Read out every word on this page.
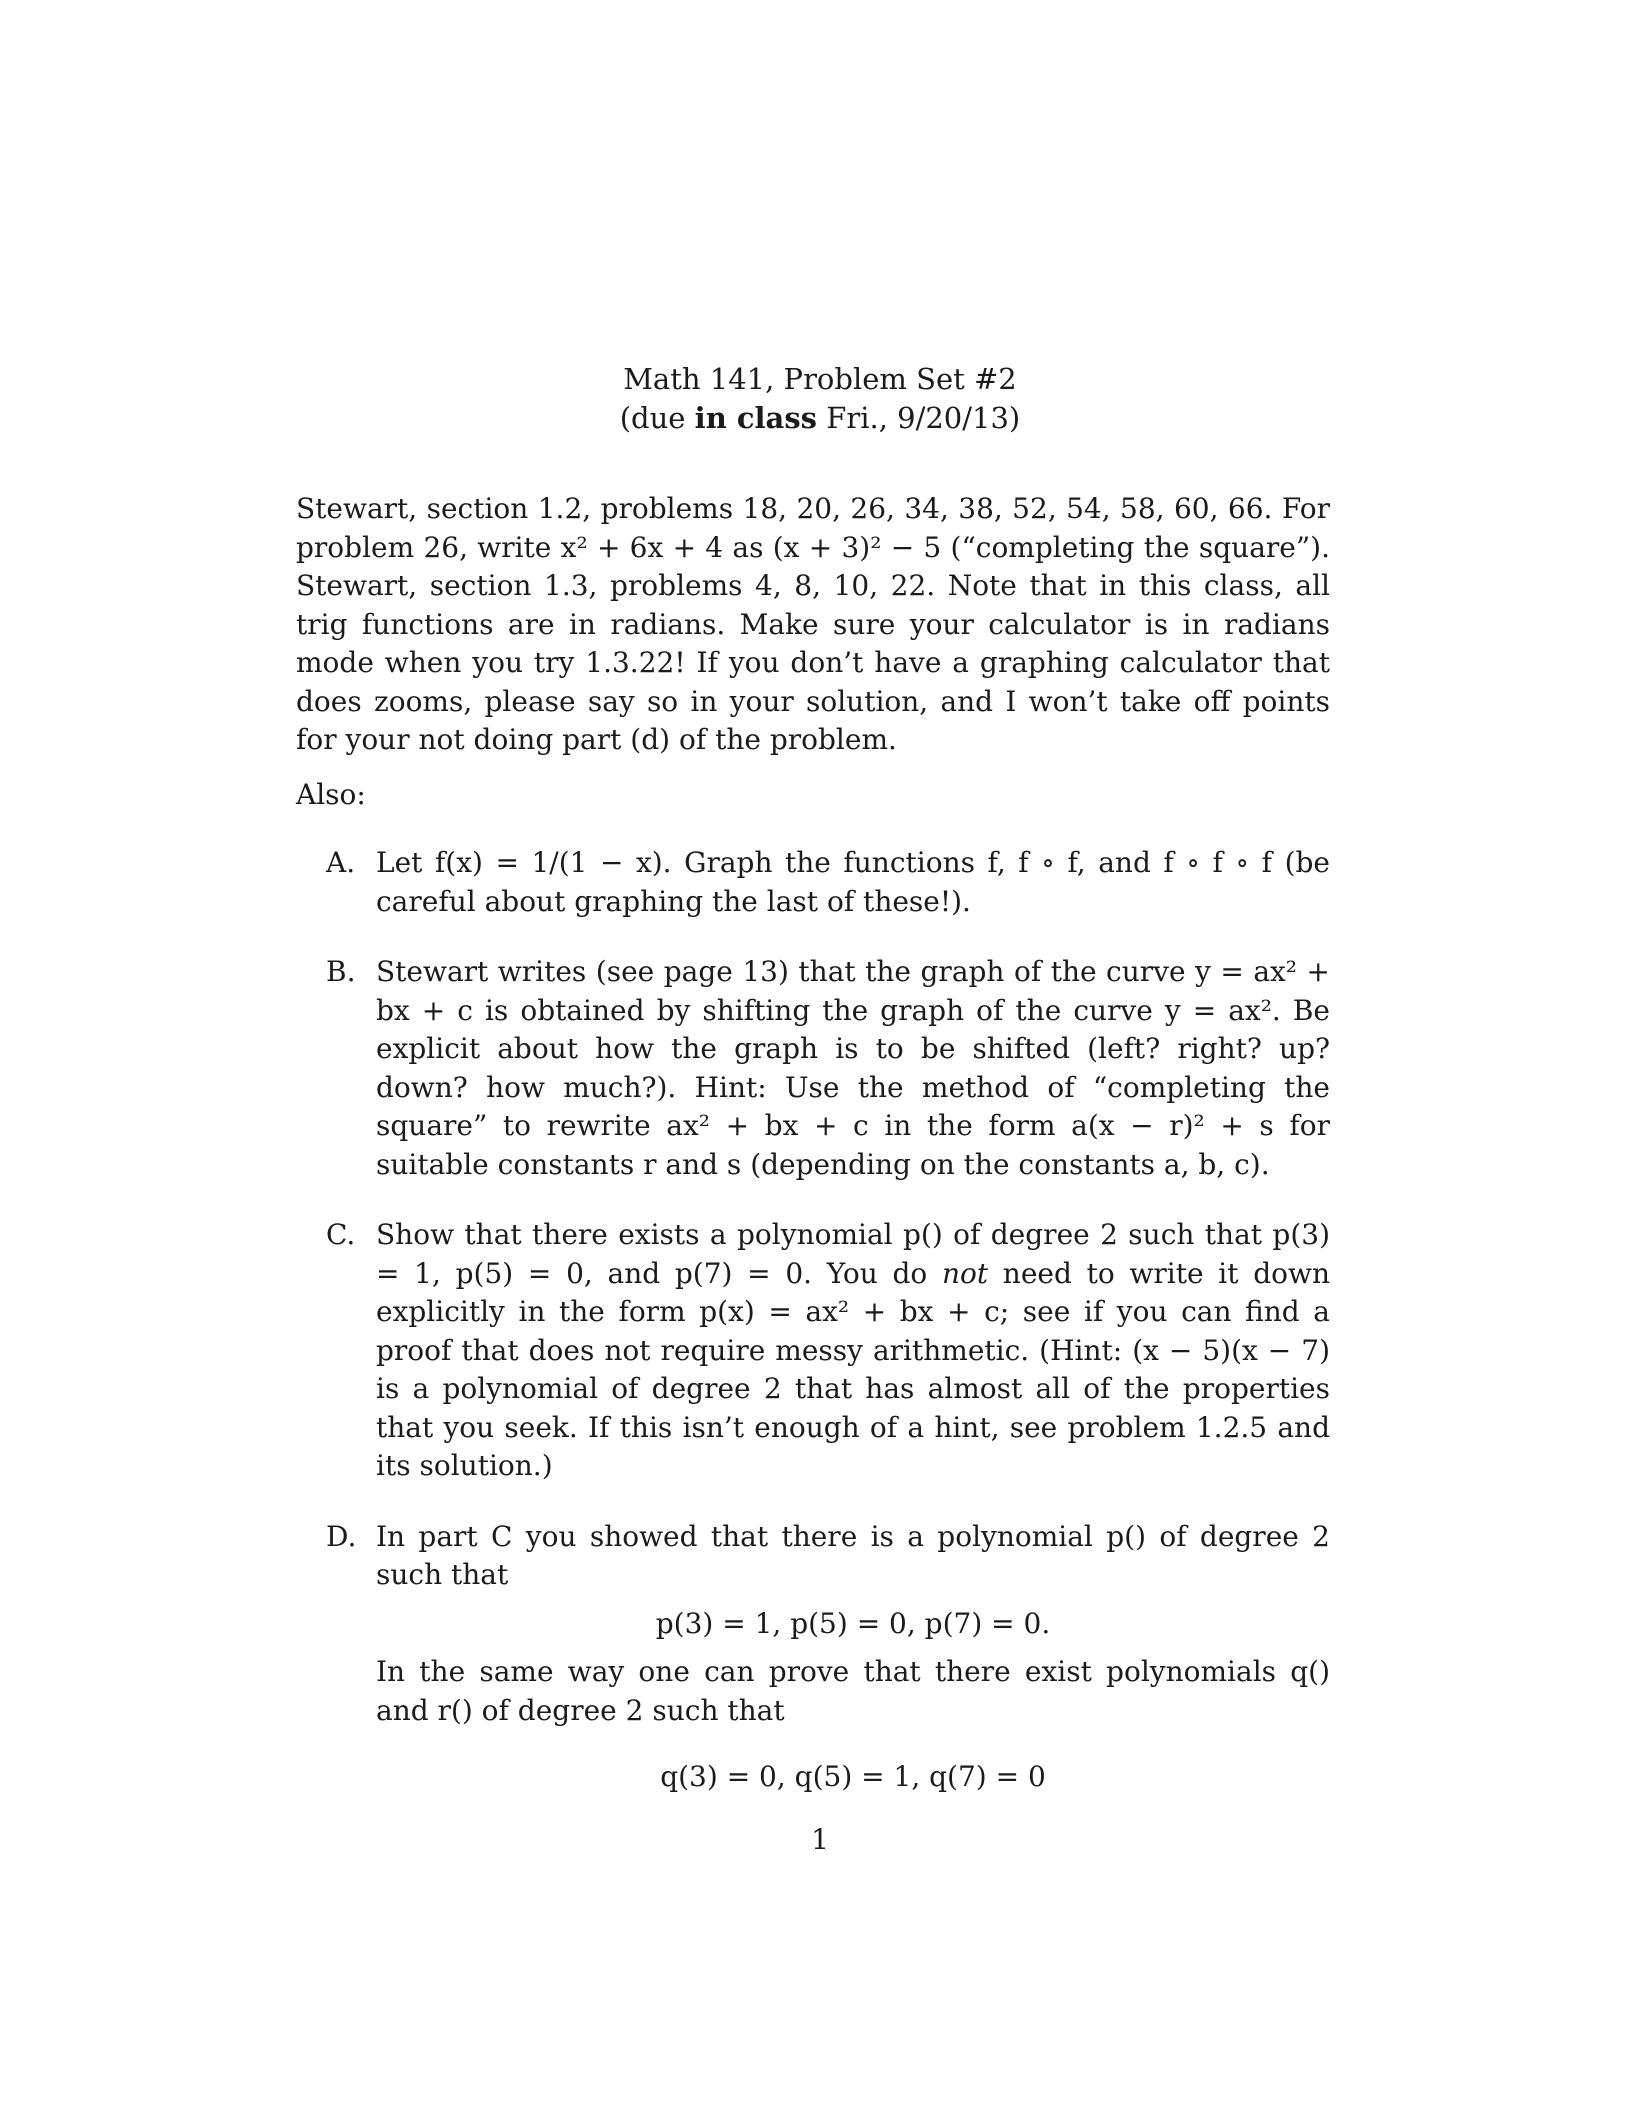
Math 141, Problem Set #2
(due in class Fri., 9/20/13)

Stewart, section 1.2, problems 18, 20, 26, 34, 38, 52, 54, 58, 60, 66. For problem 26, write x² + 6x + 4 as (x + 3)² − 5 (“completing the square”). Stewart, section 1.3, problems 4, 8, 10, 22. Note that in this class, all trig functions are in radians. Make sure your calculator is in radians mode when you try 1.3.22! If you don’t have a graphing calculator that does zooms, please say so in your solution, and I won’t take off points for your not doing part (d) of the problem.

Also:

A. Let f(x) = 1/(1 − x). Graph the functions f, f ∘ f, and f ∘ f ∘ f (be careful about graphing the last of these!).
B. Stewart writes (see page 13) that the graph of the curve y = ax² + bx + c is obtained by shifting the graph of the curve y = ax². Be explicit about how the graph is to be shifted (left? right? up? down? how much?). Hint: Use the method of “completing the square” to rewrite ax² + bx + c in the form a(x − r)² + s for suitable constants r and s (depending on the constants a, b, c).
C. Show that there exists a polynomial p() of degree 2 such that p(3) = 1, p(5) = 0, and p(7) = 0. You do not need to write it down explicitly in the form p(x) = ax² + bx + c; see if you can find a proof that does not require messy arithmetic. (Hint: (x − 5)(x − 7) is a polynomial of degree 2 that has almost all of the properties that you seek. If this isn’t enough of a hint, see problem 1.2.5 and its solution.)
D. In part C you showed that there is a polynomial p() of degree 2 such that

p(3) = 1, p(5) = 0, p(7) = 0.

In the same way one can prove that there exist polynomials q() and r() of degree 2 such that

q(3) = 0, q(5) = 1, q(7) = 0

1
